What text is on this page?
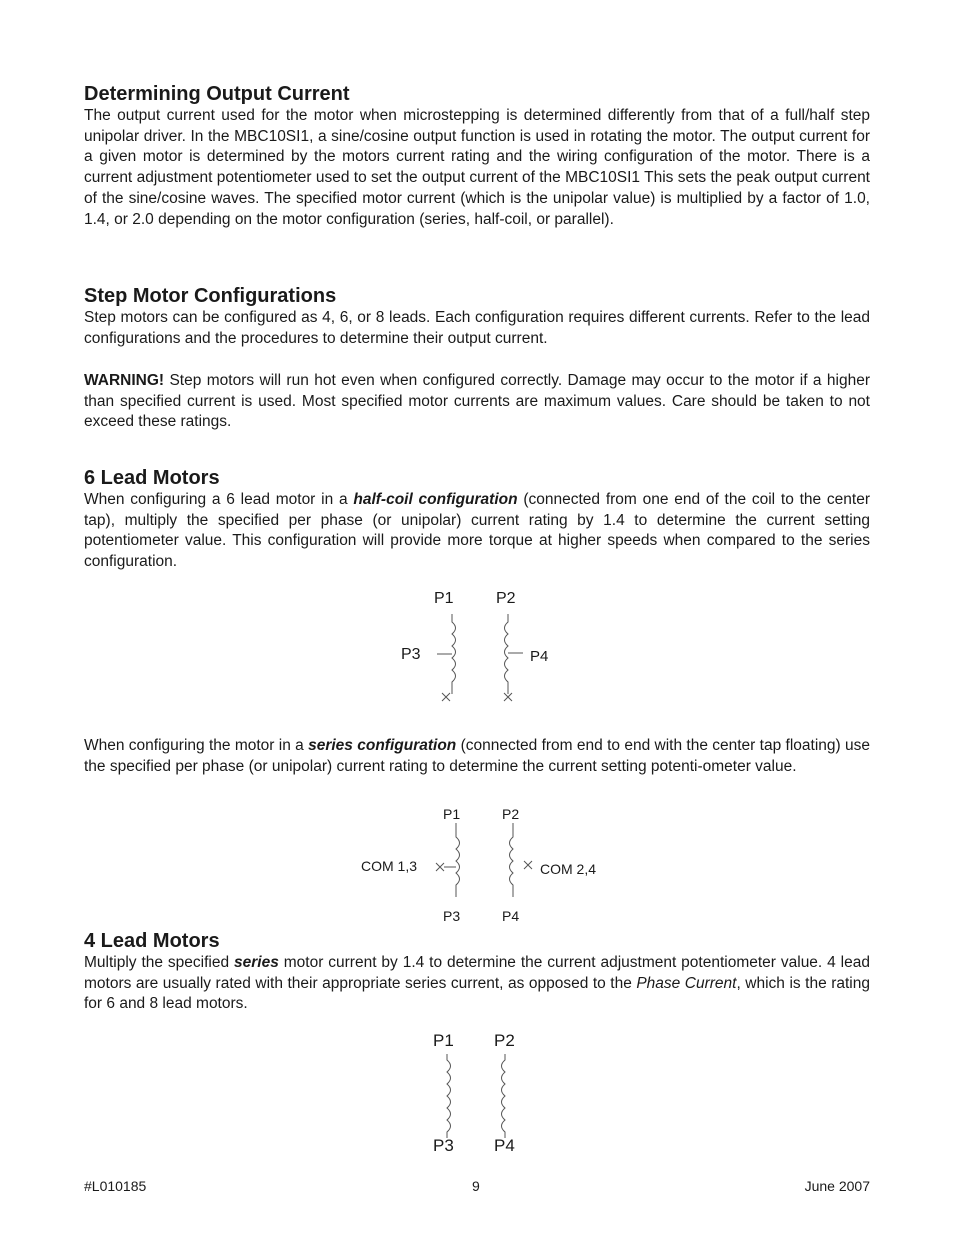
Determining Output Current

The output current used for the motor when microstepping is determined differently from that of a full/half step unipolar driver. In the MBC10SI1, a sine/cosine output function is used in rotating the motor. The output current for a given motor is determined by the motors current rating and the wiring configuration of the motor. There is a current adjustment potentiometer used to set the output current of the MBC10SI1 This sets the peak output current of the sine/cosine waves. The specified motor current (which is the unipolar value) is multiplied by a factor of 1.0, 1.4, or 2.0 depending on the motor configuration (series, half-coil, or parallel).

Step Motor Configurations

Step motors can be configured as 4, 6, or 8 leads. Each configuration requires different currents. Refer to the lead configurations and the procedures to determine their output current.

WARNING! Step motors will run hot even when configured correctly. Damage may occur to the motor if a higher than specified current is used. Most specified motor currents are maximum values. Care should be taken to not exceed these ratings.

6 Lead Motors

When configuring a 6 lead motor in a half-coil configuration (connected from one end of the coil to the center tap), multiply the specified per phase (or unipolar) current rating by 1.4 to determine the current setting potentiometer value. This configuration will provide more torque at higher speeds when compared to the series configuration.

When configuring the motor in a series configuration (connected from end to end with the center tap floating) use the specified per phase (or unipolar) current rating to determine the current setting potenti-ometer value.

4 Lead Motors

Multiply the specified series motor current by 1.4 to determine the current adjustment potentiometer value. 4 lead motors are usually rated with their appropriate series current, as opposed to the Phase Current, which is the rating for 6 and 8 lead motors.

P1	P2
P3	P4
P1	P2
COM 1,3	COM 2,4
P3	P4
P1 P2
P3 P4
#L010185	9	June 2007
